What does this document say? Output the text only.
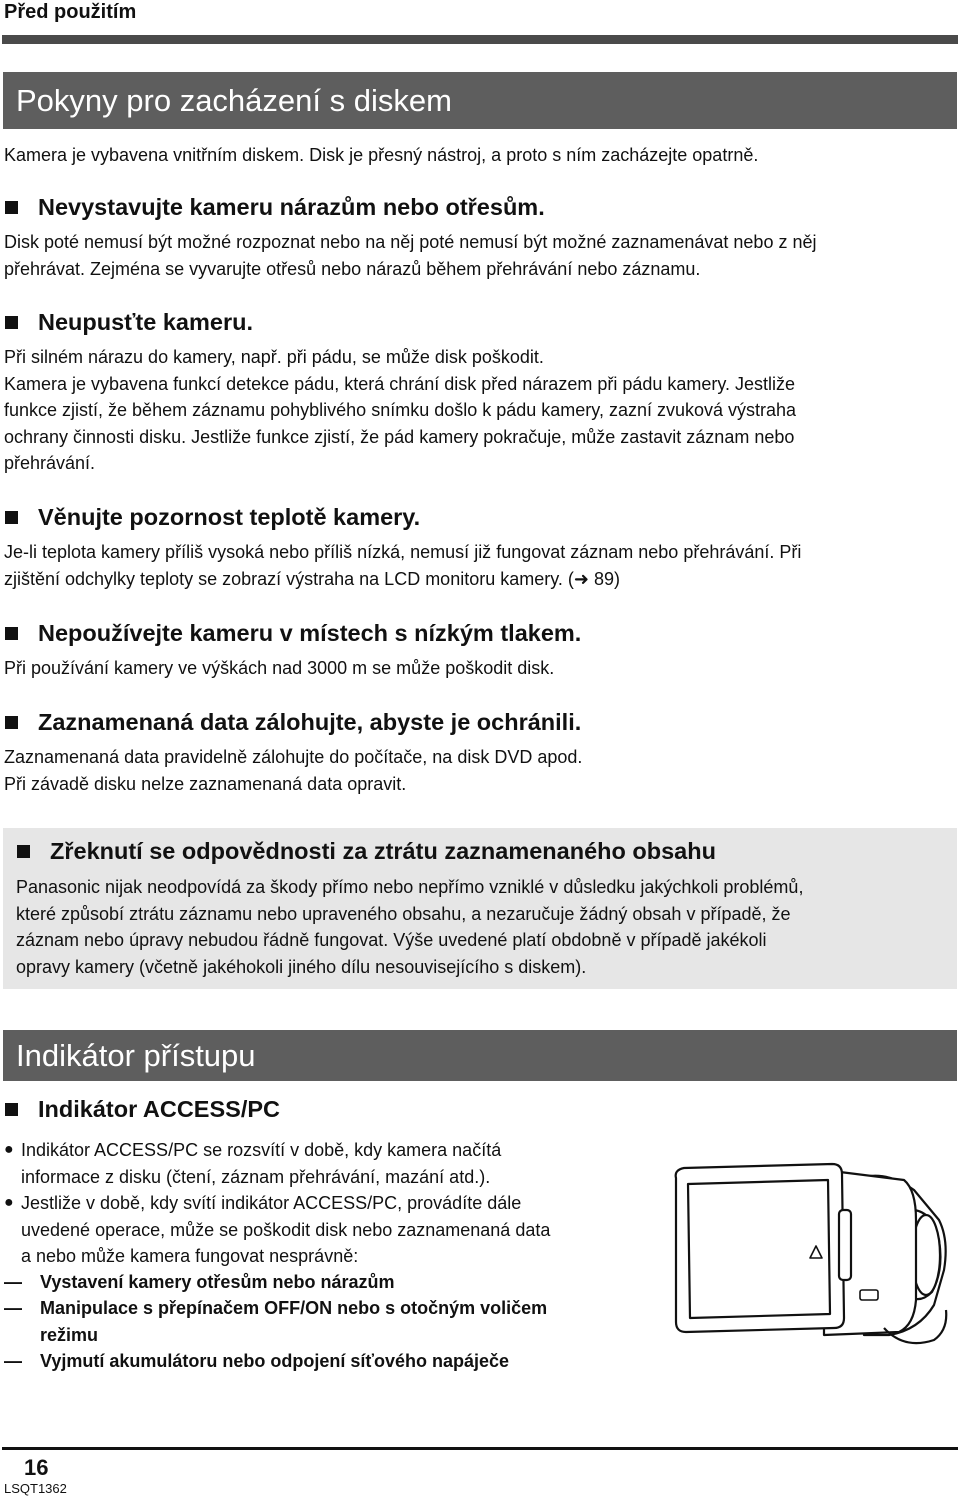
Před použitím
Pokyny pro zacházení s diskem

Kamera je vybavena vnitřním diskem. Disk je přesný nástroj, a proto s ním zacházejte opatrně.

Nevystavujte kameru nárazům nebo otřesům.

Disk poté nemusí být možné rozpoznat nebo na něj poté nemusí být možné zaznamenávat nebo z něj
přehrávat. Zejména se vyvarujte otřesů nebo nárazů během přehrávání nebo záznamu.

Neupusťte kameru.

Při silném nárazu do kamery, např. při pádu, se může disk poškodit.
Kamera je vybavena funkcí detekce pádu, která chrání disk před nárazem při pádu kamery. Jestliže
funkce zjistí, že během záznamu pohyblivého snímku došlo k pádu kamery, zazní zvuková výstraha
ochrany činnosti disku. Jestliže funkce zjistí, že pád kamery pokračuje, může zastavit záznam nebo
přehrávání.

Věnujte pozornost teplotě kamery.

Je-li teplota kamery příliš vysoká nebo příliš nízká, nemusí již fungovat záznam nebo přehrávání. Při
zjištění odchylky teploty se zobrazí výstraha na LCD monitoru kamery. (➜ 89)

Nepoužívejte kameru v místech s nízkým tlakem.

Při používání kamery ve výškách nad 3000 m se může poškodit disk.

Zaznamenaná data zálohujte, abyste je ochránili.

Zaznamenaná data pravidelně zálohujte do počítače, na disk DVD apod.
Při závadě disku nelze zaznamenaná data opravit.

Zřeknutí se odpovědnosti za ztrátu zaznamenaného obsahu

Panasonic nijak neodpovídá za škody přímo nebo nepřímo vzniklé v důsledku jakýchkoli problémů,
které způsobí ztrátu záznamu nebo upraveného obsahu, a nezaručuje žádný obsah v případě, že
záznam nebo úpravy nebudou řádně fungovat. Výše uvedené platí obdobně v případě jakékoli
opravy kamery (včetně jakéhokoli jiného dílu nesouvisejícího s diskem).

Indikátor přístupu
Indikátor ACCESS/PC
● Indikátor ACCESS/PC se rozsvítí v době, kdy kamera načítá
informace z disku (čtení, záznam přehrávání, mazání atd.).
● Jestliže v době, kdy svítí indikátor ACCESS/PC, provádíte dále
uvedené operace, může se poškodit disk nebo zaznamenaná data
a nebo může kamera fungovat nesprávně:
—	Vystavení kamery otřesům nebo nárazům
—	Manipulace s přepínačem OFF/ON nebo s otočným voličem
režimu
—	Vyjmutí akumulátoru nebo odpojení síťového napáječe
16
LSQT1362
